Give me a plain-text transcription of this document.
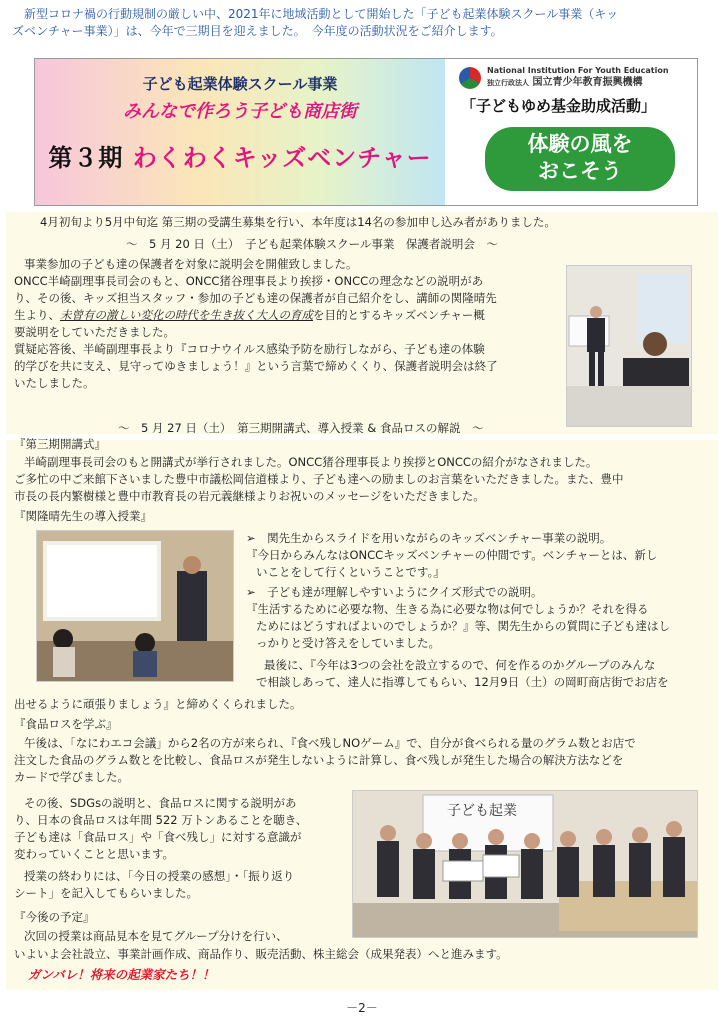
新型コロナ禍の行動規制の厳しい中、2021年に地域活動として開始した「子ども起業体験スクール事業（キッ
ズベンチャー事業）」は、今年で三期目を迎えました。　今年度の活動状況をご紹介します。
子ども起業体験スクール事業
みんなで作ろう子ども商店街
第３期 わくわくキッズベンチャー
National Institution For Youth Education
独立行政法人 国立青少年教育振興機構
「子どもゆめ基金助成活動」
体験の風を
おこそう
4月初旬より5月中旬迄 第三期の受講生募集を行い、本年度は14名の参加申し込み者がありました。
～　5 月 20 日（土）　子ども起業体験スクール事業　保護者説明会　～
事業参加の子ども達の保護者を対象に説明会を開催致しました。
ONCC半崎副理事長司会のもと、ONCC猪谷理事長より挨拶・ONCCの理念などの説明があ
り、その後、キッズ担当スタッフ・参加の子ども達の保護者が自己紹介をし、講師の関隆晴先
生より、未曾有の激しい変化の時代を生き抜く大人の育成を目的とするキッズベンチャー概
要説明をしていただきました。
質疑応答後、半崎副理事長より『コロナウイルス感染予防を励行しながら、子ども達の体験
的学びを共に支え、見守ってゆきましょう！』という言葉で締めくくり、保護者説明会は終了
いたしました。
～　5 月 27 日（土）　第三期開講式、導入授業 & 食品ロスの解説　～
『第三期開講式』
半崎副理事長司会のもと開講式が挙行されました。ONCC猪谷理事長より挨拶とONCCの紹介がなされました。
ご多忙の中ご来館下さいました豊中市議松岡信道様より、子ども達への励ましのお言葉をいただきました。また、豊中
市長の長内繁樹様と豊中市教育長の岩元義継様よりお祝いのメッセージをいただきました。
『関隆晴先生の導入授業』
➢　関先生からスライドを用いながらのキッズベンチャー事業の説明。
『今日からみんなはONCCキッズベンチャーの仲間です。ベンチャーとは、新し
いことをして行くということです。』
➢　子ども達が理解しやすいようにクイズ形式での説明。
『生活するために必要な物、生きる為に必要な物は何でしょうか？それを得る
ためにはどうすればよいのでしょうか？』等、関先生からの質問に子ども達はし
っかりと受け答えをしていました。
最後に、『今年は3つの会社を設立するので、何を作るのかグループのみんな
で相談しあって、達人に指導してもらい、12月9日（土）の岡町商店街でお店を
出せるように頑張りましょう』と締めくくられました。
『食品ロスを学ぶ』
午後は、「なにわエコ会議」から2名の方が来られ、『食べ残しNOゲーム』で、自分が食べられる量のグラム数とお店で
注文した食品のグラム数とを比較し、食品ロスが発生しないように計算し、食べ残しが発生した場合の解決方法などを
カードで学びました。
その後、SDGsの説明と、食品ロスに関する説明があ
り、日本の食品ロスは年間 522 万トンあることを聴き、
子ども達は「食品ロス」や「食べ残し」に対する意識が
変わっていくことと思います。
授業の終わりには、「今日の授業の感想」・「振り返り
シート」を記入してもらいました。
子ども起業
『今後の予定』
次回の授業は商品見本を見てグループ分けを行い、
いよいよ会社設立、事業計画作成、商品作り、販売活動、株主総会（成果発表）へと進みます。
ガンバレ！将来の起業家たち！！
－2－
